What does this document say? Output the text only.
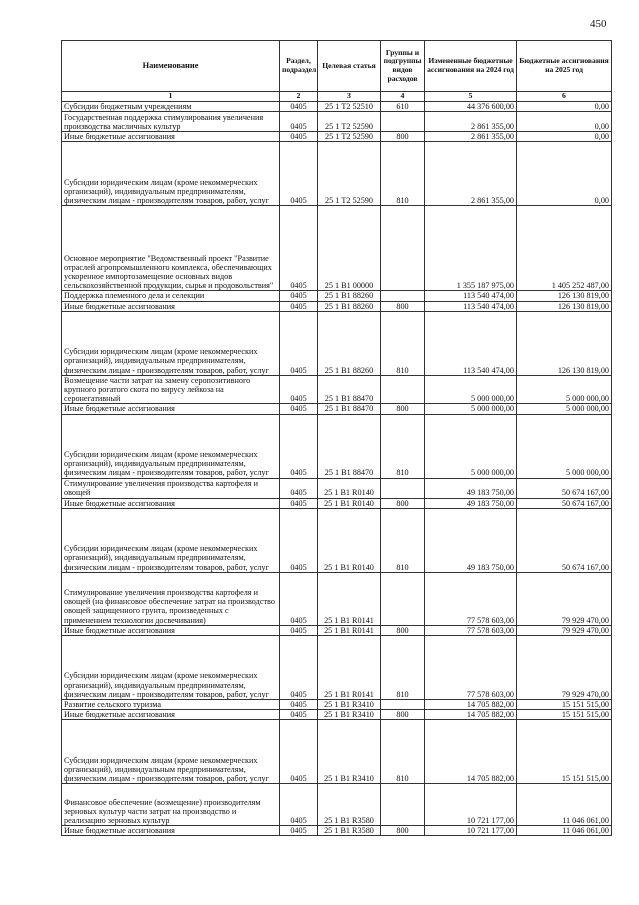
450
Наименование	Раздел, подраздел	Целевая статья	Группы и подгруппы видов расходов	Измененные бюджетные ассигнования на 2024 год	Бюджетные ассигнования на 2025 год
1	2	3	4	5	6
Субсидии бюджетным учреждениям	0405	25 1 Т2 52510	610	44 376 600,00	0,00
Государственная поддержка стимулирования увеличения производства масличных культур	0405	25 1 Т2 52590		2 861 355,00	0,00
Иные бюджетные ассигнования	0405	25 1 Т2 52590	800	2 861 355,00	0,00
Субсидии юридическим лицам (кроме некоммерческих организаций), индивидуальным предпринимателям, физическим лицам - производителям товаров, работ, услуг	0405	25 1 Т2 52590	810	2 861 355,00	0,00
Основное мероприятие "Ведомственный проект "Развитие отраслей агропромышленного комплекса, обеспечивающих ускоренное импортозамещение основных видов сельскохозяйственной продукции, сырья и продовольствия"	0405	25 1 В1 00000		1 355 187 975,00	1 405 252 487,00
Поддержка племенного дела и селекции	0405	25 1 В1 88260		113 540 474,00	126 130 819,00
Иные бюджетные ассигнования	0405	25 1 В1 88260	800	113 540 474,00	126 130 819,00
Субсидии юридическим лицам (кроме некоммерческих организаций), индивидуальным предпринимателям, физическим лицам - производителям товаров, работ, услуг	0405	25 1 В1 88260	810	113 540 474,00	126 130 819,00
Возмещение части затрат на замену серопозитивного крупного рогатого скота по вирусу лейкоза на серонегативный	0405	25 1 В1 88470		5 000 000,00	5 000 000,00
Иные бюджетные ассигнования	0405	25 1 В1 88470	800	5 000 000,00	5 000 000,00
Субсидии юридическим лицам (кроме некоммерческих организаций), индивидуальным предпринимателям, физическим лицам - производителям товаров, работ, услуг	0405	25 1 В1 88470	810	5 000 000,00	5 000 000,00
Стимулирование увеличения производства картофеля и овощей	0405	25 1 В1 R0140		49 183 750,00	50 674 167,00
Иные бюджетные ассигнования	0405	25 1 В1 R0140	800	49 183 750,00	50 674 167,00
Субсидии юридическим лицам (кроме некоммерческих организаций), индивидуальным предпринимателям, физическим лицам - производителям товаров, работ, услуг	0405	25 1 В1 R0140	810	49 183 750,00	50 674 167,00
Стимулирование увеличения производства картофеля и овощей (на финансовое обеспечение затрат на производство овощей защищенного грунта, произведенных с применением технологии досвечивания)	0405	25 1 В1 R0141		77 578 603,00	79 929 470,00
Иные бюджетные ассигнования	0405	25 1 В1 R0141	800	77 578 603,00	79 929 470,00
Субсидии юридическим лицам (кроме некоммерческих организаций), индивидуальным предпринимателям, физическим лицам - производителям товаров, работ, услуг	0405	25 1 В1 R0141	810	77 578 603,00	79 929 470,00
Развитие сельского туризма	0405	25 1 В1 R3410		14 705 882,00	15 151 515,00
Иные бюджетные ассигнования	0405	25 1 В1 R3410	800	14 705 882,00	15 151 515,00
Субсидии юридическим лицам (кроме некоммерческих организаций), индивидуальным предпринимателям, физическим лицам - производителям товаров, работ, услуг	0405	25 1 В1 R3410	810	14 705 882,00	15 151 515,00
Финансовое обеспечение (возмещение) производителям зерновых культур части затрат на производство и реализацию зерновых культур	0405	25 1 В1 R3580		10 721 177,00	11 046 061,00
Иные бюджетные ассигнования	0405	25 1 В1 R3580	800	10 721 177,00	11 046 061,00
